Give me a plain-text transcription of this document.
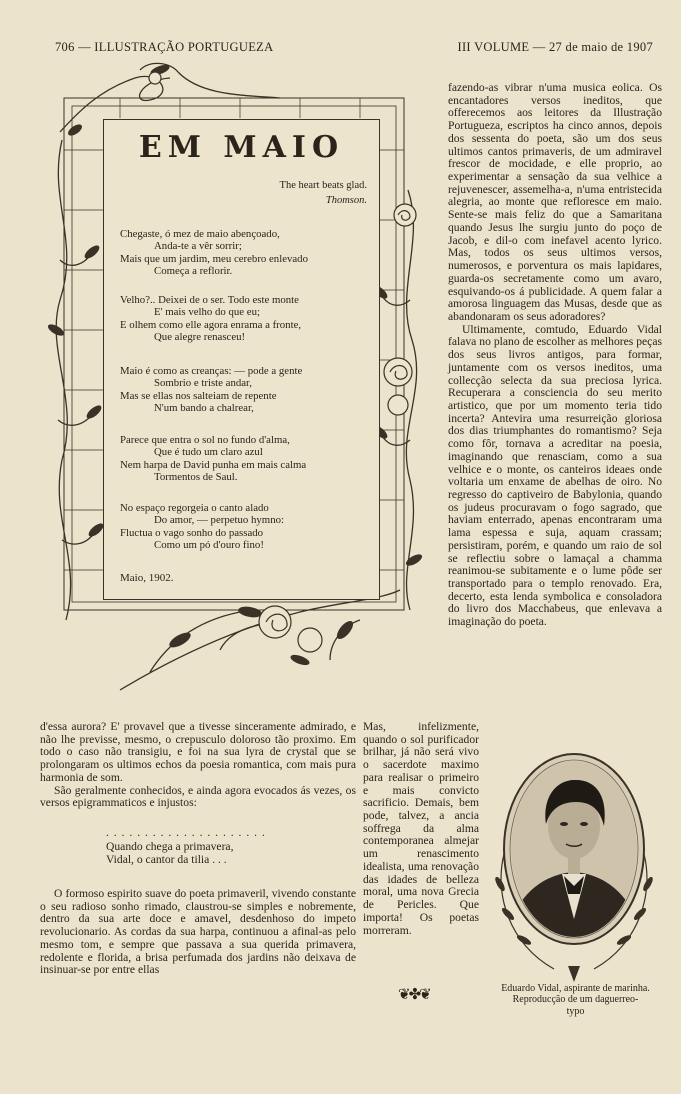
706 — ILLUSTRAÇÃO PORTUGUEZA	III VOLUME — 27 de maio de 1907
EM MAIO
The heart beats glad.
Thomson.
Chegaste, ó mez de maio abençoado,
Anda-te a vêr sorrir;
Mais que um jardim, meu cerebro enlevado
Começa a reflorir.
Velho?.. Deixei de o ser. Todo este monte
E' mais velho do que eu;
E olhem como elle agora enrama a fronte,
Que alegre renasceu!
Maio é como as creanças: — pode a gente
Sombrio e triste andar,
Mas se ellas nos salteiam de repente
N'um bando a chalrear,
Parece que entra o sol no fundo d'alma,
Que é tudo um claro azul
Nem harpa de David punha em mais calma
Tormentos de Saul.
No espaço regorgeia o canto alado
Do amor, — perpetuo hymno:
Fluctua o vago sonho do passado
Como um pó d'ouro fino!
Maio, 1902.

fazendo-as vibrar n'uma musica eolica. Os encantadores versos ineditos, que offerecemos aos leitores da Illustração Portugueza, escriptos ha cinco annos, depois dos sessenta do poeta, são um dos seus ultimos cantos primaveris, de um admiravel frescor de mocidade, e elle proprio, ao experimentar a sensação da sua velhice a rejuvenescer, assemelha-a, n'uma entristecida alegria, ao monte que refloresce em maio. Sente-se mais feliz do que a Samaritana quando Jesus lhe surgiu junto do poço de Jacob, e dil-o com inefavel acento lyrico. Mas, todos os seus ultimos versos, numerosos, e porventura os mais lapidares, guarda-os secretamente como um avaro, esquivando-os á publicidade. A quem falar a amorosa linguagem das Musas, desde que as abandonaram os seus adoradores?

Ultimamente, comtudo, Eduardo Vidal falava no plano de escolher as melhores peças dos seus livros antigos, para formar, juntamente com os versos ineditos, uma collecção selecta da sua preciosa lyrica. Recuperara a consciencia do seu merito artistico, que por um momento teria tido incerta? Antevira uma resurreição gloriosa dos dias triumphantes do romantismo? Seja como fôr, tornava a acreditar na poesia, imaginando que renasciam, como a sua velhice e o monte, os canteiros ideaes onde voltaria um enxame de abelhas de oiro. No regresso do captiveiro de Babylonia, quando os judeus procuravam o fogo sagrado, que haviam enterrado, apenas encontraram uma lama espessa e suja, aquam crassam; persistiram, porém, e quando um raio de sol se reflectiu sobre o lamaçal a chamma reanimou-se subitamente e o lume pôde ser transportado para o templo renovado. Era, decerto, esta lenda symbolica e consoladora do livro dos Macchabeus, que enlevava a imaginação do poeta.

d'essa aurora? E' provavel que a tivesse sinceramente admirado, e não lhe previsse, mesmo, o crepusculo doloroso tão proximo. Em todo o caso não transigiu, e foi na sua lyra de crystal que se prolongaram os ultimos echos da poesia romantica, com mais pura harmonia de som.

São geralmente conhecidos, e ainda agora evocados ás vezes, os versos epigrammaticos e injustos:

O formoso espirito suave do poeta primaveril, vivendo constante o seu radioso sonho rimado, claustrou-se simples e nobremente, dentro da sua arte doce e amavel, desdenhoso do impeto revolucionario. As cordas da sua harpa, continuou a afinal-as pelo mesmo tom, e sempre que passava a sua querida primavera, redolente e florida, a brisa perfumada dos jardins não deixava de insinuar-se por entre ellas

. . . . . . . . . . . . . . . . . . . . .
Quando chega a primavera,
Vidal, o cantor da tilia . . .

Mas, infelizmente, quando o sol purificador brilhar, já não será vivo o sacerdote maximo para realisar o primeiro e mais convicto sacrificio. Demais, bem pode, talvez, a ancia soffrega da alma contemporanea almejar um renascimento idealista, uma renovação das idades de belleza moral, uma nova Grecia de Pericles. Que importa! Os poetas morreram.

❦✤❦	Eduardo Vidal, aspirante de marinha.
Reproducção de um daguerreo-
typo
